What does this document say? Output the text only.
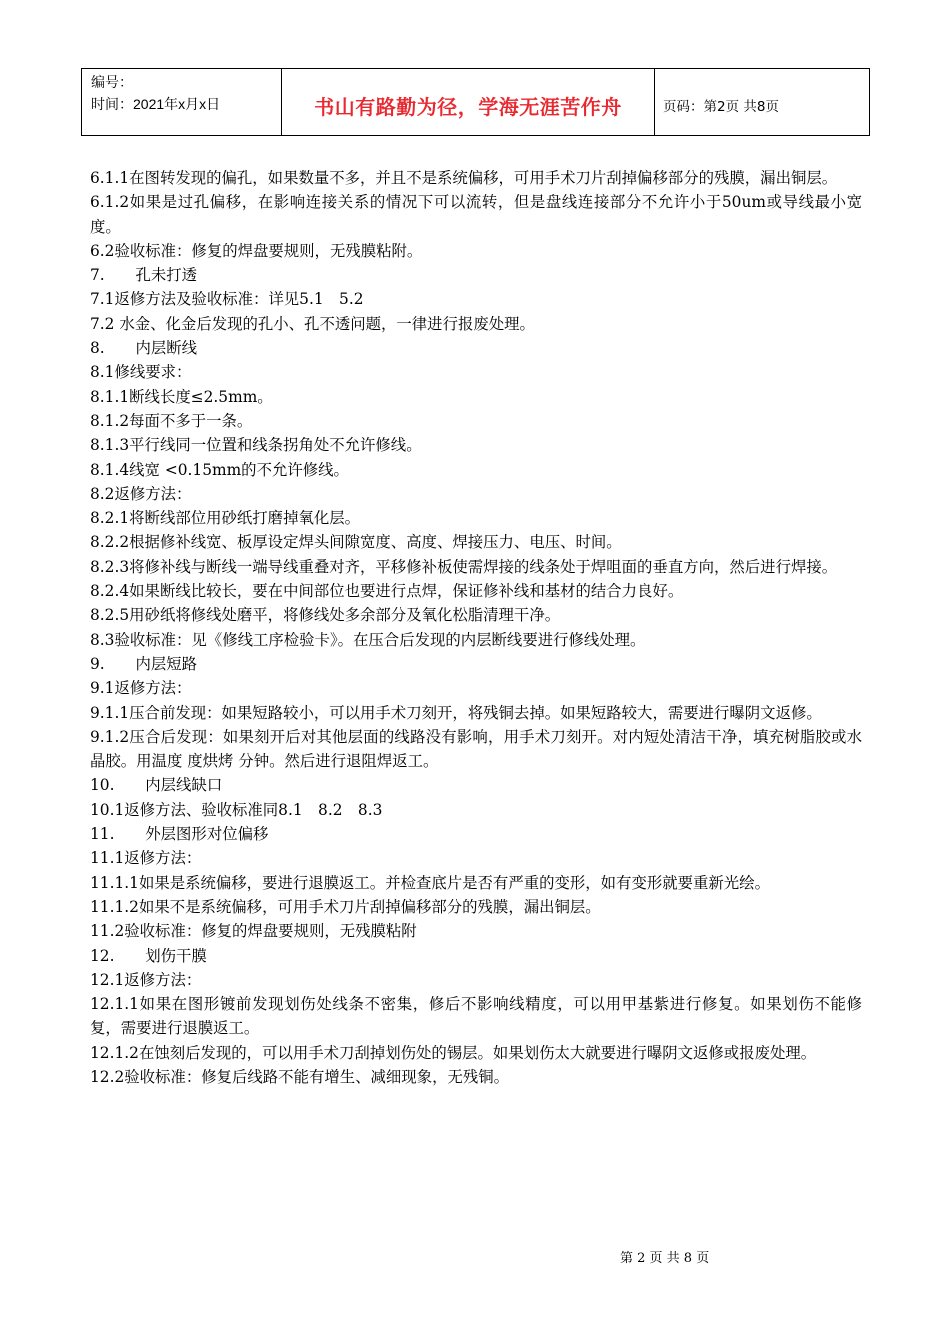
编号：
时间：2021年x月x日	书山有路勤为径，学海无涯苦作舟	页码：第2页 共8页

6.1.1在图转发现的偏孔，如果数量不多，并且不是系统偏移，可用手术刀片刮掉偏移部分的残膜，漏出铜层。

6.1.2如果是过孔偏移，在影响连接关系的情况下可以流转，但是盘线连接部分不允许小于50um或导线最小宽度。

6.2验收标准：修复的焊盘要规则，无残膜粘附。

7.　　孔未打透

7.1返修方法及验收标准：详见5.1　5.2

7.2 水金、化金后发现的孔小、孔不透问题，一律进行报废处理。

8.　　内层断线

8.1修线要求：

8.1.1断线长度≤2.5mm。

8.1.2每面不多于一条。

8.1.3平行线同一位置和线条拐角处不允许修线。

8.1.4线宽 <0.15mm的不允许修线。

8.2返修方法：

8.2.1将断线部位用砂纸打磨掉氧化层。

8.2.2根据修补线宽、板厚设定焊头间隙宽度、高度、焊接压力、电压、时间。

8.2.3将修补线与断线一端导线重叠对齐，平移修补板使需焊接的线条处于焊咀面的垂直方向，然后进行焊接。

8.2.4如果断线比较长，要在中间部位也要进行点焊，保证修补线和基材的结合力良好。

8.2.5用砂纸将修线处磨平，将修线处多余部分及氧化松脂清理干净。

8.3验收标准：见《修线工序检验卡》。在压合后发现的内层断线要进行修线处理。

9.　　内层短路

9.1返修方法：

9.1.1压合前发现：如果短路较小，可以用手术刀刻开，将残铜去掉。如果短路较大，需要进行曝阴文返修。

9.1.2压合后发现：如果刻开后对其他层面的线路没有影响，用手术刀刻开。对内短处清洁干净，填充树脂胶或水晶胶。用温度 度烘烤 分钟。然后进行退阻焊返工。

10.　　内层线缺口

10.1返修方法、验收标准同8.1　8.2　8.3

11.　　外层图形对位偏移

11.1返修方法：

11.1.1如果是系统偏移，要进行退膜返工。并检查底片是否有严重的变形，如有变形就要重新光绘。

11.1.2如果不是系统偏移，可用手术刀片刮掉偏移部分的残膜，漏出铜层。

11.2验收标准：修复的焊盘要规则，无残膜粘附

12.　　划伤干膜

12.1返修方法：

12.1.1如果在图形镀前发现划伤处线条不密集，修后不影响线精度，可以用甲基紫进行修复。如果划伤不能修复，需要进行退膜返工。

12.1.2在蚀刻后发现的，可以用手术刀刮掉划伤处的锡层。如果划伤太大就要进行曝阴文返修或报废处理。

12.2验收标准：修复后线路不能有增生、减细现象，无残铜。

第 2 页 共 8 页
